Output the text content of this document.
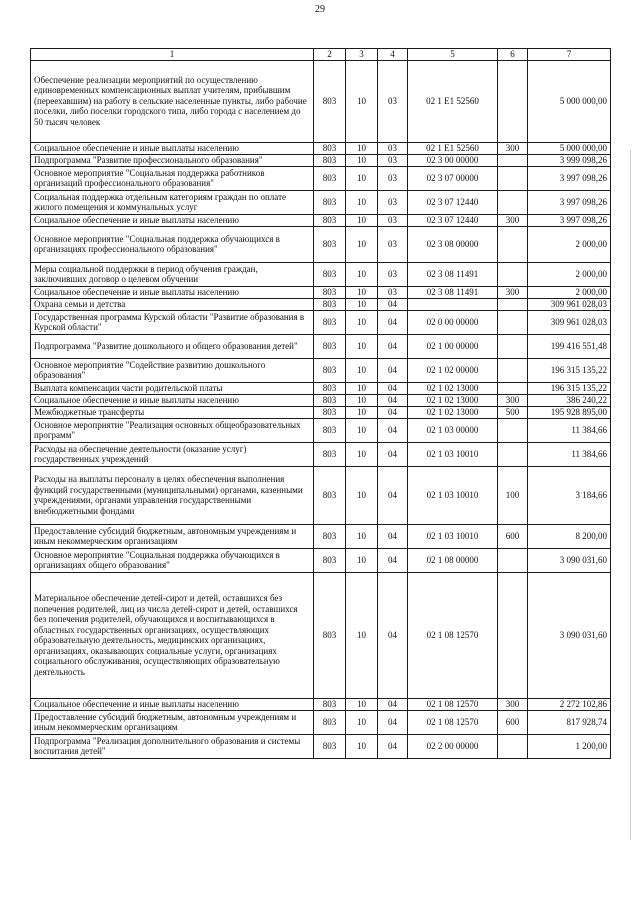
29
1	2	3	4	5	6	7
Обеспечение реализации мероприятий по осуществлению единовременных компенсационных выплат учителям, прибывшим (переехавшим) на работу в сельские населенные пункты, либо рабочие поселки, либо поселки городского типа, либо города с населением до 50 тысяч человек	803	10	03	02 1 E1 52560		5 000 000,00
Социальное обеспечение и иные выплаты населению	803	10	03	02 1 E1 52560	300	5 000 000,00
Подпрограмма "Развитие профессионального образования"	803	10	03	02 3 00 00000		3 999 098,26
Основное мероприятие "Социальная поддержка работников организаций профессионального образования"	803	10	03	02 3 07 00000		3 997 098,26
Социальная поддержка отдельным категориям граждан по оплате жилого помещения и коммунальных услуг	803	10	03	02 3 07 12440		3 997 098,26
Социальное обеспечение и иные выплаты населению	803	10	03	02 3 07 12440	300	3 997 098,26
Основное мероприятие "Социальная поддержка обучающихся в организациях профессионального образования"	803	10	03	02 3 08 00000		2 000,00
Меры социальной поддержки в период обучения граждан, заключивших договор о целевом обучении	803	10	03	02 3 08 11491		2 000,00
Социальное обеспечение и иные выплаты населению	803	10	03	02 3 08 11491	300	2 000,00
Охрана семьи и детства	803	10	04			309 961 028,03
Государственная программа Курской области "Развитие образования в Курской области"	803	10	04	02 0 00 00000		309 961 028,03
Подпрограмма "Развитие дошкольного и общего образования детей"	803	10	04	02 1 00 00000		199 416 551,48
Основное мероприятие "Содействие развитию дошкольного образования"	803	10	04	02 1 02 00000		196 315 135,22
Выплата компенсации части родительской платы	803	10	04	02 1 02 13000		196 315 135,22
Социальное обеспечение и иные выплаты населению	803	10	04	02 1 02 13000	300	386 240,22
Межбюджетные трансферты	803	10	04	02 1 02 13000	500	195 928 895,00
Основное мероприятие "Реализация основных общеобразовательных программ"	803	10	04	02 1 03 00000		11 384,66
Расходы на обеспечение деятельности (оказание услуг) государственных учреждений	803	10	04	02 1 03 10010		11 384,66
Расходы на выплаты персоналу в целях обеспечения выполнения функций государственными (муниципальными) органами, казенными учреждениями, органами управления государственными внебюджетными фондами	803	10	04	02 1 03 10010	100	3 184,66
Предоставление субсидий бюджетным, автономным учреждениям и иным некоммерческим организациям	803	10	04	02 1 03 10010	600	8 200,00
Основное мероприятие "Социальная поддержка обучающихся в организациях общего образования"	803	10	04	02 1 08 00000		3 090 031,60
Материальное обеспечение детей-сирот и детей, оставшихся без попечения родителей, лиц из числа детей-сирот и детей, оставшихся без попечения родителей, обучающихся и воспитывающихся в областных государственных организациях, осуществляющих образовательную деятельность, медицинских организациях, организациях, оказывающих социальные услуги, организациях социального обслуживания, осуществляющих образовательную деятельность	803	10	04	02 1 08 12570		3 090 031,60
Социальное обеспечение и иные выплаты населению	803	10	04	02 1 08 12570	300	2 272 102,86
Предоставление субсидий бюджетным, автономным учреждениям и иным некоммерческим организациям	803	10	04	02 1 08 12570	600	817 928,74
Подпрограмма "Реализация дополнительного образования и системы воспитания детей"	803	10	04	02 2 00 00000		1 200,00
